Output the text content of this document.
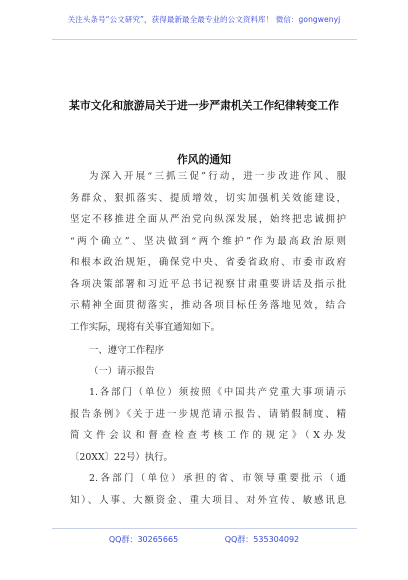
关注头条号“公文研究”，获得最新最全最专业的公文资料库！ 微信：gongwenyj
某市文化和旅游局关于进一步严肃机关工作纪律转变工作
作风的通知

为深入开展“三抓三促”行动，进一步改进作风、服

务群众、狠抓落实、提质增效，切实加强机关效能建设，

坚定不移推进全面从严治党向纵深发展，始终把忠诚拥护

“两个确立”、坚决做到“两个维护”作为最高政治原则

和根本政治规矩，确保党中央、省委省政府、市委市政府

各项决策部署和习近平总书记视察甘肃重要讲话及指示批

示精神全面贯彻落实，推动各项目标任务落地见效，结合

工作实际，现将有关事宜通知如下。

一、遵守工作程序

（一）请示报告

1.各部门（单位）须按照《中国共产党重大事项请示

报告条例》《关于进一步规范请示报告、请销假制度、精

简文件会议和督查检查考核工作的规定》（X办发

〔20XX〕22号）执行。

2.各部门（单位）承担的省、市领导重要批示（通

知）、人事、大额资金、重大项目、对外宣传、敏感讯息

QQ群：30265665	QQ群：535304092
